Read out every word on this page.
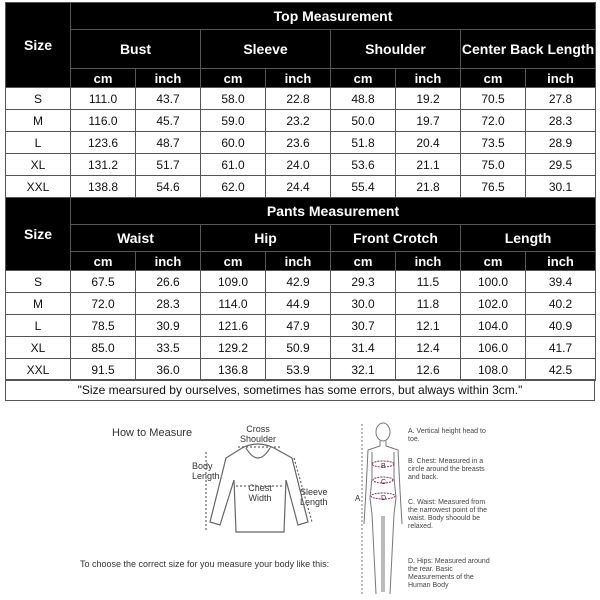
Size	Top Measurement							
	Bust		Sleeve		Shoulder		Center Back Length	
	cm	inch	cm	inch	cm	inch	cm	inch
S	111.0	43.7	58.0	22.8	48.8	19.2	70.5	27.8
M	116.0	45.7	59.0	23.2	50.0	19.7	72.0	28.3
L	123.6	48.7	60.0	23.6	51.8	20.4	73.5	28.9
XL	131.2	51.7	61.0	24.0	53.6	21.1	75.0	29.5
XXL	138.8	54.6	62.0	24.4	55.4	21.8	76.5	30.1
Size	Pants Measurement							
	Waist		Hip		Front Crotch		Length	
	cm	inch	cm	inch	cm	inch	cm	inch
S	67.5	26.6	109.0	42.9	29.3	11.5	100.0	39.4
M	72.0	28.3	114.0	44.9	30.0	11.8	102.0	40.2
L	78.5	30.9	121.6	47.9	30.7	12.1	104.0	40.9
XL	85.0	33.5	129.2	50.9	31.4	12.4	106.0	41.7
XXL	91.5	36.0	136.8	53.9	32.1	12.6	108.0	42.5
"Size mearsured by ourselves, sometimes has some errors, but always within 3cm."
How to Measure	Cross Shoulder
Body Length
Chest Width
Sleeve Length
To choose the correct size for you measure your body like this:
A
B
C
D
A. Vertical height head to toe.
B. Chest: Measured in a circle around the breasts and back.
C. Waist: Measured from the narrowest point of the waist. Body shoould be relaxed.
D. Hips: Measured around the rear. Basic Measurements of the Human Body
